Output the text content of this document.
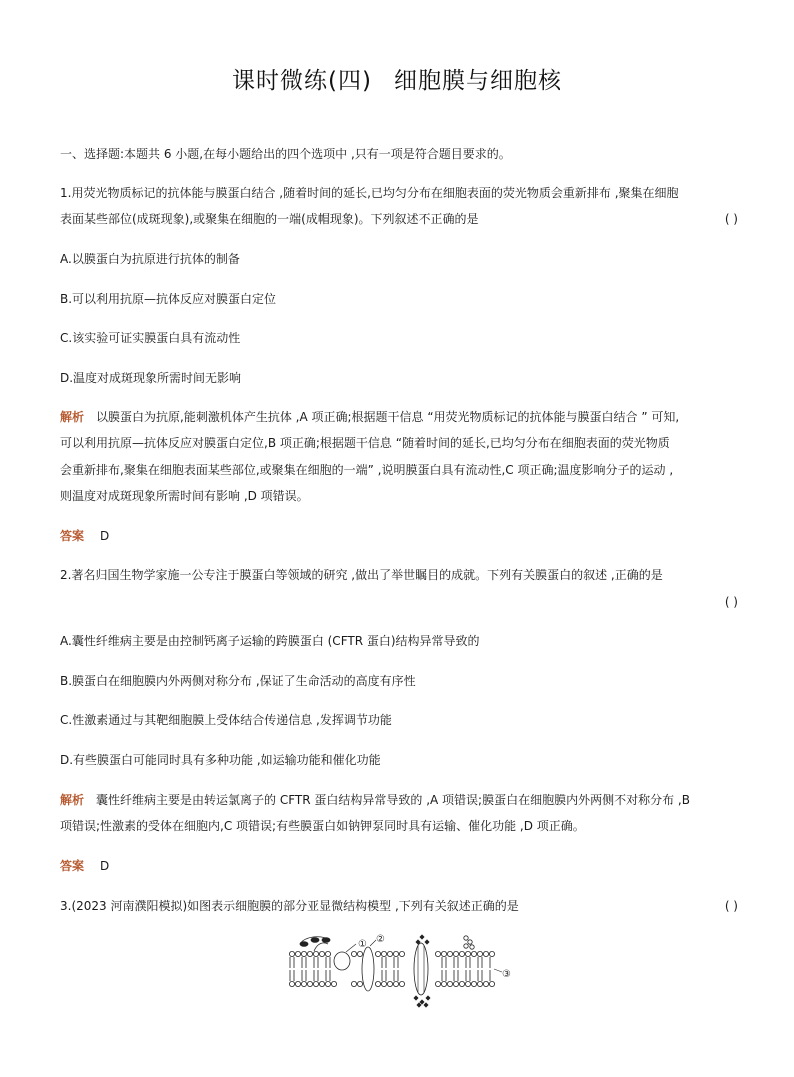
课时微练(四) 细胞膜与细胞核
一、选择题:本题共 6 小题,在每小题给出的四个选项中 ,只有一项是符合题目要求的。
1.用荧光物质标记的抗体能与膜蛋白结合 ,随着时间的延长,已均匀分布在细胞表面的荧光物质会重新排布 ,聚集在细胞
表面某些部位(成斑现象),或聚集在细胞的一端(成帽现象)。下列叙述不正确的是	( )
A.以膜蛋白为抗原进行抗体的制备
B.可以利用抗原—抗体反应对膜蛋白定位
C.该实验可证实膜蛋白具有流动性
D.温度对成斑现象所需时间无影响
解析 以膜蛋白为抗原,能刺激机体产生抗体 ,A 项正确;根据题干信息 “用荧光物质标记的抗体能与膜蛋白结合 ” 可知,
可以利用抗原—抗体反应对膜蛋白定位,B 项正确;根据题干信息 “随着时间的延长,已均匀分布在细胞表面的荧光物质
会重新排布,聚集在细胞表面某些部位,或聚集在细胞的一端” ,说明膜蛋白具有流动性,C 项正确;温度影响分子的运动 ,
则温度对成斑现象所需时间有影响 ,D 项错误。
答案 D
2.著名归国生物学家施一公专注于膜蛋白等领域的研究 ,做出了举世瞩目的成就。下列有关膜蛋白的叙述 ,正确的是
( )
A.囊性纤维病主要是由控制钙离子运输的跨膜蛋白 (CFTR 蛋白)结构异常导致的
B.膜蛋白在细胞膜内外两侧对称分布 ,保证了生命活动的高度有序性
C.性激素通过与其靶细胞膜上受体结合传递信息 ,发挥调节功能
D.有些膜蛋白可能同时具有多种功能 ,如运输功能和催化功能
解析 囊性纤维病主要是由转运氯离子的 CFTR 蛋白结构异常导致的 ,A 项错误;膜蛋白在细胞膜内外两侧不对称分布 ,B
项错误;性激素的受体在细胞内,C 项错误;有些膜蛋白如钠钾泵同时具有运输、催化功能 ,D 项正确。
答案 D
3.(2023 河南濮阳模拟)如图表示细胞膜的部分亚显微结构模型 ,下列有关叙述正确的是	( )
① ②
③
